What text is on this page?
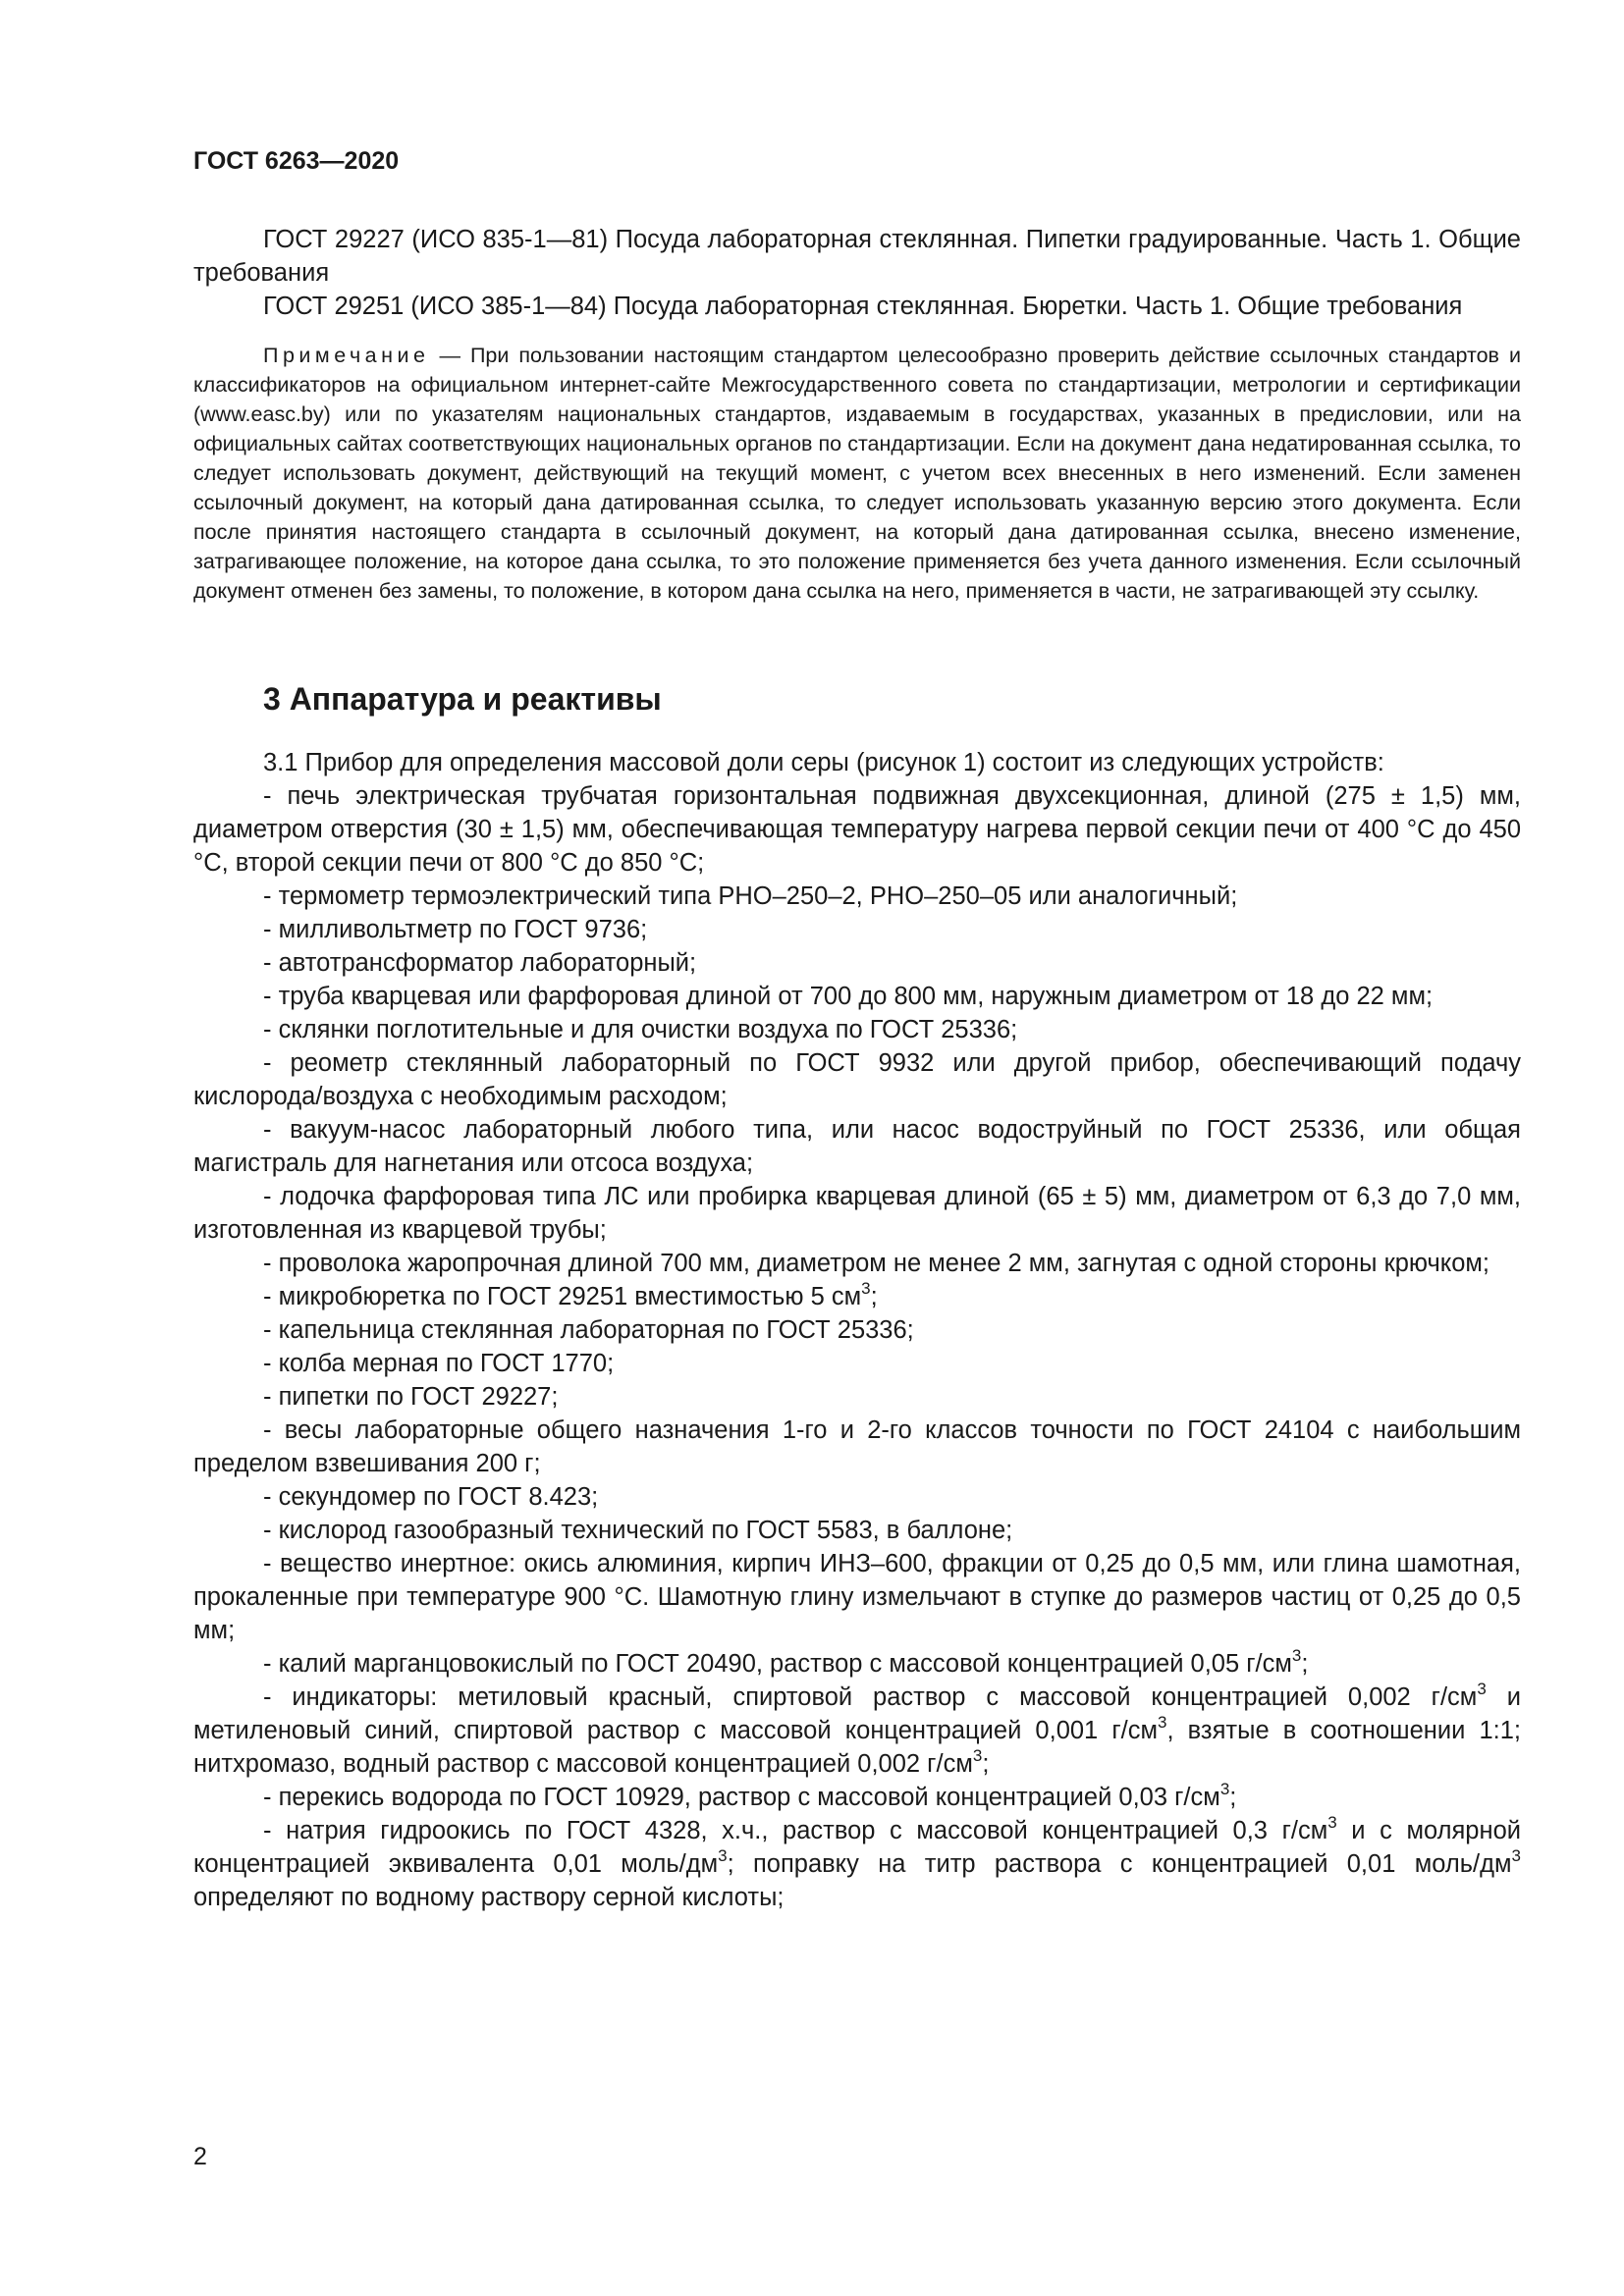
ГОСТ 6263—2020

ГОСТ 29227 (ИСО 835-1—81) Посуда лабораторная стеклянная. Пипетки градуированные. Часть 1. Общие требования

ГОСТ 29251 (ИСО 385-1—84) Посуда лабораторная стеклянная. Бюретки. Часть 1. Общие требования

Примечание — При пользовании настоящим стандартом целесообразно проверить действие ссылочных стандартов и классификаторов на официальном интернет-сайте Межгосударственного совета по стандартизации, метрологии и сертификации (www.easc.by) или по указателям национальных стандартов, издаваемым в государствах, указанных в предисловии, или на официальных сайтах соответствующих национальных органов по стандартизации. Если на документ дана недатированная ссылка, то следует использовать документ, действующий на текущий момент, с учетом всех внесенных в него изменений. Если заменен ссылочный документ, на который дана датированная ссылка, то следует использовать указанную версию этого документа. Если после принятия настоящего стандарта в ссылочный документ, на который дана датированная ссылка, внесено изменение, затрагивающее положение, на которое дана ссылка, то это положение применяется без учета данного изменения. Если ссылочный документ отменен без замены, то положение, в котором дана ссылка на него, применяется в части, не затрагивающей эту ссылку.

3 Аппаратура и реактивы

3.1 Прибор для определения массовой доли серы (рисунок 1) состоит из следующих устройств:

- печь электрическая трубчатая горизонтальная подвижная двухсекционная, длиной (275 ± 1,5) мм, диаметром отверстия (30 ± 1,5) мм, обеспечивающая температуру нагрева первой секции печи от 400 °С до 450 °С, второй секции печи от 800 °С до 850 °С;

- термометр термоэлектрический типа РНО–250–2, РНО–250–05 или аналогичный;

- милливольтметр по ГОСТ 9736;

- автотрансформатор лабораторный;

- труба кварцевая или фарфоровая длиной от 700 до 800 мм, наружным диаметром от 18 до 22 мм;

- склянки поглотительные и для очистки воздуха по ГОСТ 25336;

- реометр стеклянный лабораторный по ГОСТ 9932 или другой прибор, обеспечивающий подачу кислорода/воздуха с необходимым расходом;

- вакуум-насос лабораторный любого типа, или насос водоструйный по ГОСТ 25336, или общая магистраль для нагнетания или отсоса воздуха;

- лодочка фарфоровая типа ЛС или пробирка кварцевая длиной (65 ± 5) мм, диаметром от 6,3 до 7,0 мм, изготовленная из кварцевой трубы;

- проволока жаропрочная длиной 700 мм, диаметром не менее 2 мм, загнутая с одной стороны крючком;

- микробюретка по ГОСТ 29251 вместимостью 5 $см^3$;

- капельница стеклянная лабораторная по ГОСТ 25336;

- колба мерная по ГОСТ 1770;

- пипетки по ГОСТ 29227;

- весы лабораторные общего назначения 1-го и 2-го классов точности по ГОСТ 24104 с наибольшим пределом взвешивания 200 г;

- секундомер по ГОСТ 8.423;

- кислород газообразный технический по ГОСТ 5583, в баллоне;

- вещество инертное: окись алюминия, кирпич ИНЗ–600, фракции от 0,25 до 0,5 мм, или глина шамотная, прокаленные при температуре 900 °С. Шамотную глину измельчают в ступке до размеров частиц от 0,25 до 0,5 мм;

- калий марганцовокислый по ГОСТ 20490, раствор с массовой концентрацией 0,05 $г/см^3$;

- индикаторы: метиловый красный, спиртовой раствор с массовой концентрацией 0,002 $г/см^3$ и метиленовый синий, спиртовой раствор с массовой концентрацией 0,001 $г/см^3$, взятые в соотношении 1:1; нитхромазо, водный раствор с массовой концентрацией 0,002 $г/см^3$;

- перекись водорода по ГОСТ 10929, раствор с массовой концентрацией 0,03 $г/см^3$;

- натрия гидроокись по ГОСТ 4328, х.ч., раствор с массовой концентрацией 0,3 $г/см^3$ и с молярной концентрацией эквивалента 0,01 моль/$дм^3$; поправку на титр раствора с концентрацией 0,01 моль/$дм^3$ определяют по водному раствору серной кислоты;

2
